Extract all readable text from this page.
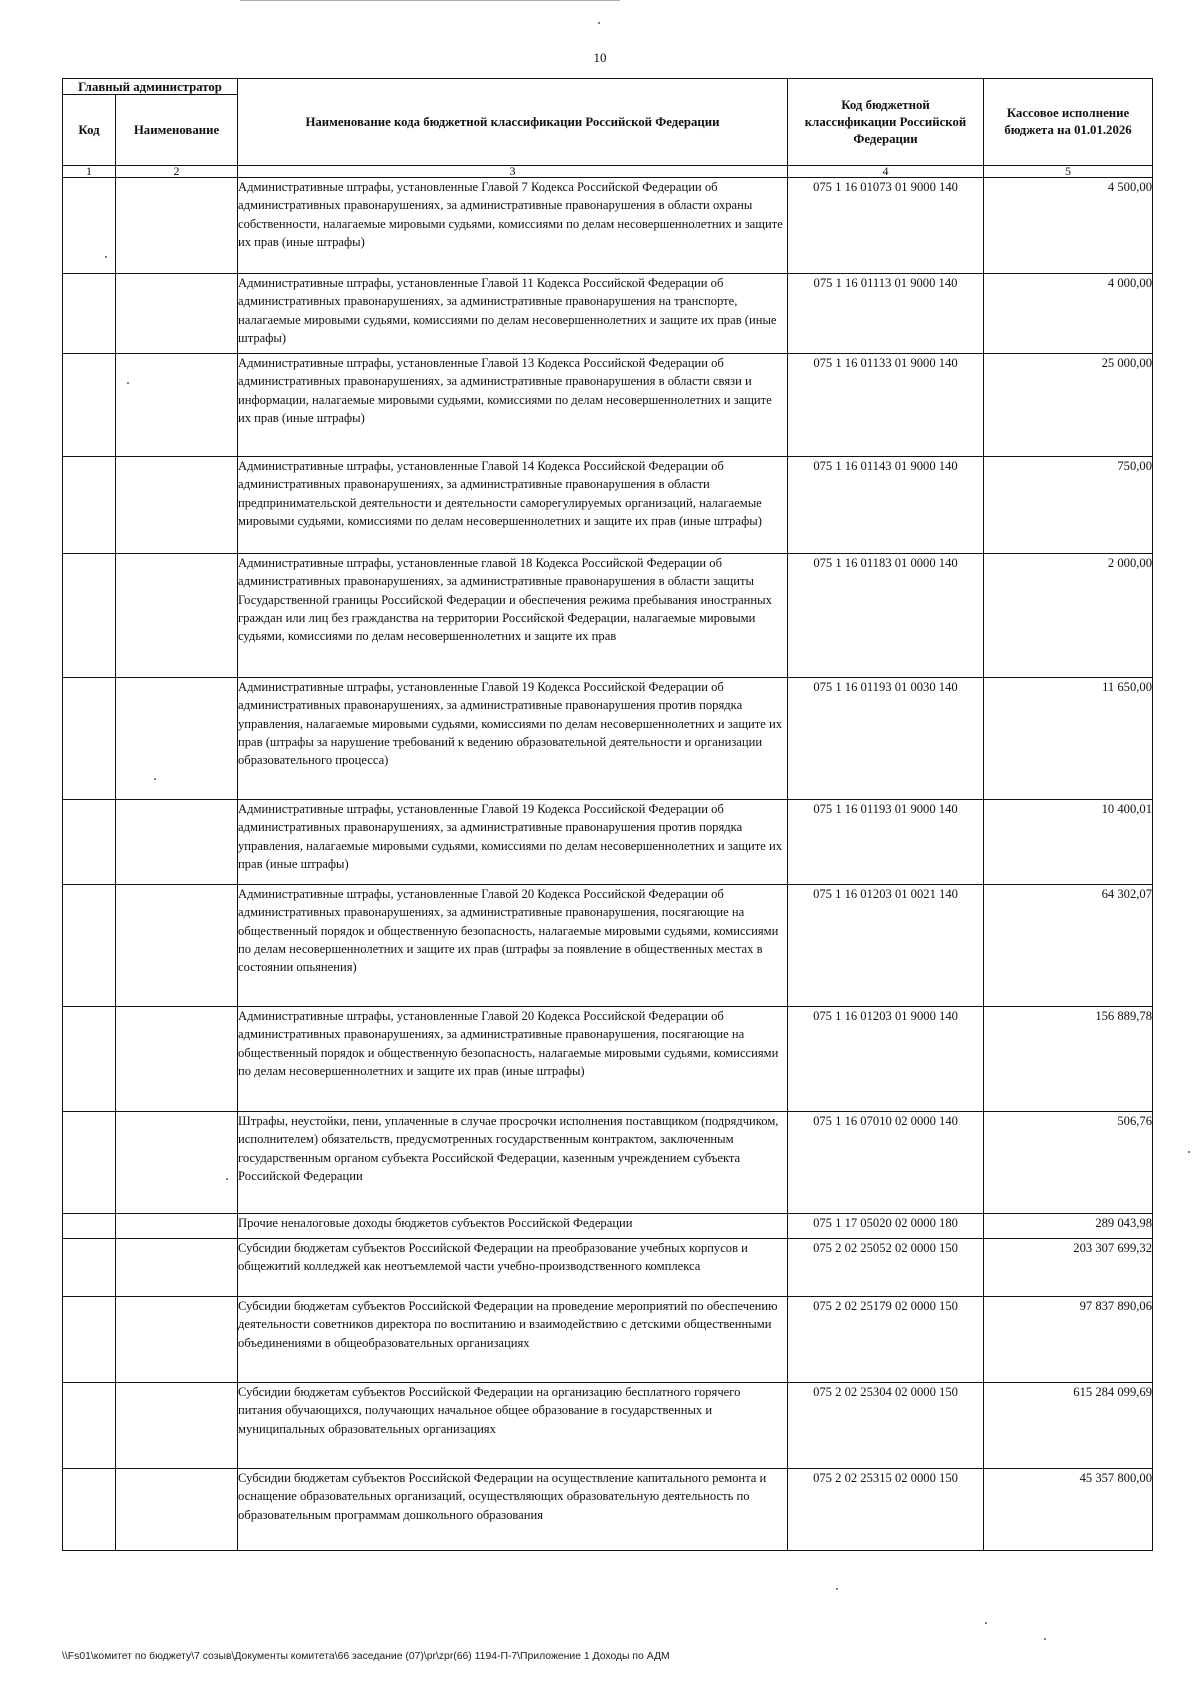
10
Главный администратор		Наименование кода бюджетной классификации Российской Федерации	Код бюджетной классификации Российской Федерации	Кассовое исполнение бюджета на 01.01.2026
Код	Наименование			
1	2	3	4	5
		Административные штрафы, установленные Главой 7 Кодекса Российской Федерации об административных правонарушениях, за административные правонарушения в области охраны собственности, налагаемые мировыми судьями, комиссиями по делам несовершеннолетних и защите их прав (иные штрафы)	075 1 16 01073 01 9000 140	4 500,00
		Административные штрафы, установленные Главой 11 Кодекса Российской Федерации об административных правонарушениях, за административные правонарушения на транспорте, налагаемые мировыми судьями, комиссиями по делам несовершеннолетних и защите их прав (иные штрафы)	075 1 16 01113 01 9000 140	4 000,00
		Административные штрафы, установленные Главой 13 Кодекса Российской Федерации об административных правонарушениях, за административные правонарушения в области связи и информации, налагаемые мировыми судьями, комиссиями по делам несовершеннолетних и защите их прав (иные штрафы)	075 1 16 01133 01 9000 140	25 000,00
		Административные штрафы, установленные Главой 14 Кодекса Российской Федерации об административных правонарушениях, за административные правонарушения в области предпринимательской деятельности и деятельности саморегулируемых организаций, налагаемые мировыми судьями, комиссиями по делам несовершеннолетних и защите их прав (иные штрафы)	075 1 16 01143 01 9000 140	750,00
		Административные штрафы, установленные главой 18 Кодекса Российской Федерации об административных правонарушениях, за административные правонарушения в области защиты Государственной границы Российской Федерации и обеспечения режима пребывания иностранных граждан или лиц без гражданства на территории Российской Федерации, налагаемые мировыми судьями, комиссиями по делам несовершеннолетних и защите их прав	075 1 16 01183 01 0000 140	2 000,00
		Административные штрафы, установленные Главой 19 Кодекса Российской Федерации об административных правонарушениях, за административные правонарушения против порядка управления, налагаемые мировыми судьями, комиссиями по делам несовершеннолетних и защите их прав (штрафы за нарушение требований к ведению образовательной деятельности и организации образовательного процесса)	075 1 16 01193 01 0030 140	11 650,00
		Административные штрафы, установленные Главой 19 Кодекса Российской Федерации об административных правонарушениях, за административные правонарушения против порядка управления, налагаемые мировыми судьями, комиссиями по делам несовершеннолетних и защите их прав (иные штрафы)	075 1 16 01193 01 9000 140	10 400,01
		Административные штрафы, установленные Главой 20 Кодекса Российской Федерации об административных правонарушениях, за административные правонарушения, посягающие на общественный порядок и общественную безопасность, налагаемые мировыми судьями, комиссиями по делам несовершеннолетних и защите их прав (штрафы за появление в общественных местах в состоянии опьянения)	075 1 16 01203 01 0021 140	64 302,07
		Административные штрафы, установленные Главой 20 Кодекса Российской Федерации об административных правонарушениях, за административные правонарушения, посягающие на общественный порядок и общественную безопасность, налагаемые мировыми судьями, комиссиями по делам несовершеннолетних и защите их прав (иные штрафы)	075 1 16 01203 01 9000 140	156 889,78
		Штрафы, неустойки, пени, уплаченные в случае просрочки исполнения поставщиком (подрядчиком, исполнителем) обязательств, предусмотренных государственным контрактом, заключенным государственным органом субъекта Российской Федерации, казенным учреждением субъекта Российской Федерации	075 1 16 07010 02 0000 140	506,76
		Прочие неналоговые доходы бюджетов субъектов Российской Федерации	075 1 17 05020 02 0000 180	289 043,98
		Субсидии бюджетам субъектов Российской Федерации на преобразование учебных корпусов и общежитий колледжей как неотъемлемой части учебно-производственного комплекса	075 2 02 25052 02 0000 150	203 307 699,32
		Субсидии бюджетам субъектов Российской Федерации на проведение мероприятий по обеспечению деятельности советников директора по воспитанию и взаимодействию с детскими общественными объединениями в общеобразовательных организациях	075 2 02 25179 02 0000 150	97 837 890,06
		Субсидии бюджетам субъектов Российской Федерации на организацию бесплатного горячего питания обучающихся, получающих начальное общее образование в государственных и муниципальных образовательных организациях	075 2 02 25304 02 0000 150	615 284 099,69
		Субсидии бюджетам субъектов Российской Федерации на осуществление капитального ремонта и оснащение образовательных организаций, осуществляющих образовательную деятельность по образовательным программам дошкольного образования	075 2 02 25315 02 0000 150	45 357 800,00
\\Fs01\комитет по бюджету\7 созыв\Документы комитета\66 заседание (07)\pr\zpr(66) 1194-П-7\Приложение 1 Доходы по АДМ
